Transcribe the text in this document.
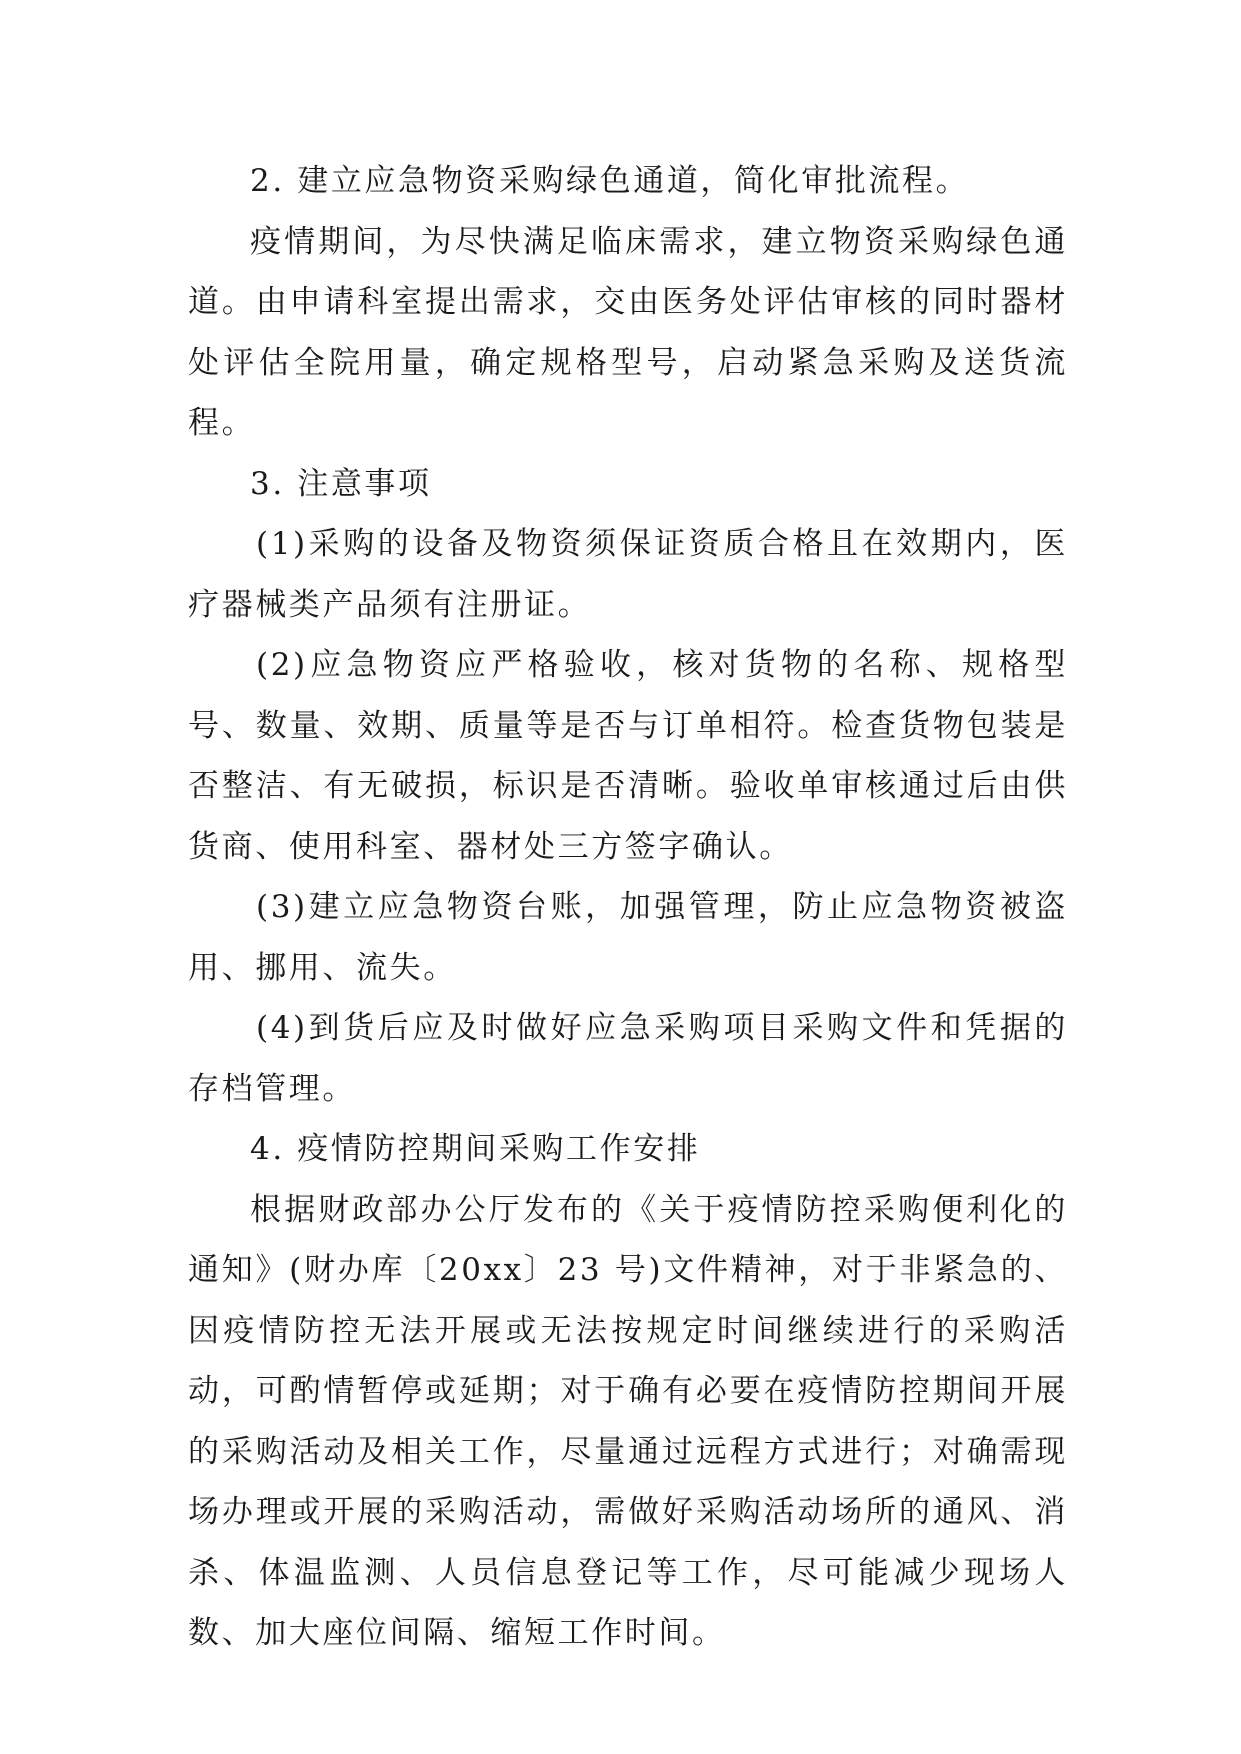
2. 建立应急物资采购绿色通道，简化审批流程。

疫情期间，为尽快满足临床需求，建立物资采购绿色通道。由申请科室提出需求，交由医务处评估审核的同时器材处评估全院用量，确定规格型号，启动紧急采购及送货流程。

3. 注意事项

(1)采购的设备及物资须保证资质合格且在效期内，医疗器械类产品须有注册证。

(2)应急物资应严格验收，核对货物的名称、规格型号、数量、效期、质量等是否与订单相符。检查货物包装是否整洁、有无破损，标识是否清晰。验收单审核通过后由供货商、使用科室、器材处三方签字确认。

(3)建立应急物资台账，加强管理，防止应急物资被盗用、挪用、流失。

(4)到货后应及时做好应急采购项目采购文件和凭据的存档管理。

4. 疫情防控期间采购工作安排

根据财政部办公厅发布的《关于疫情防控采购便利化的通知》(财办库〔20xx〕23 号)文件精神，对于非紧急的、因疫情防控无法开展或无法按规定时间继续进行的采购活动，可酌情暂停或延期；对于确有必要在疫情防控期间开展的采购活动及相关工作，尽量通过远程方式进行；对确需现场办理或开展的采购活动，需做好采购活动场所的通风、消杀、体温监测、人员信息登记等工作，尽可能减少现场人数、加大座位间隔、缩短工作时间。
